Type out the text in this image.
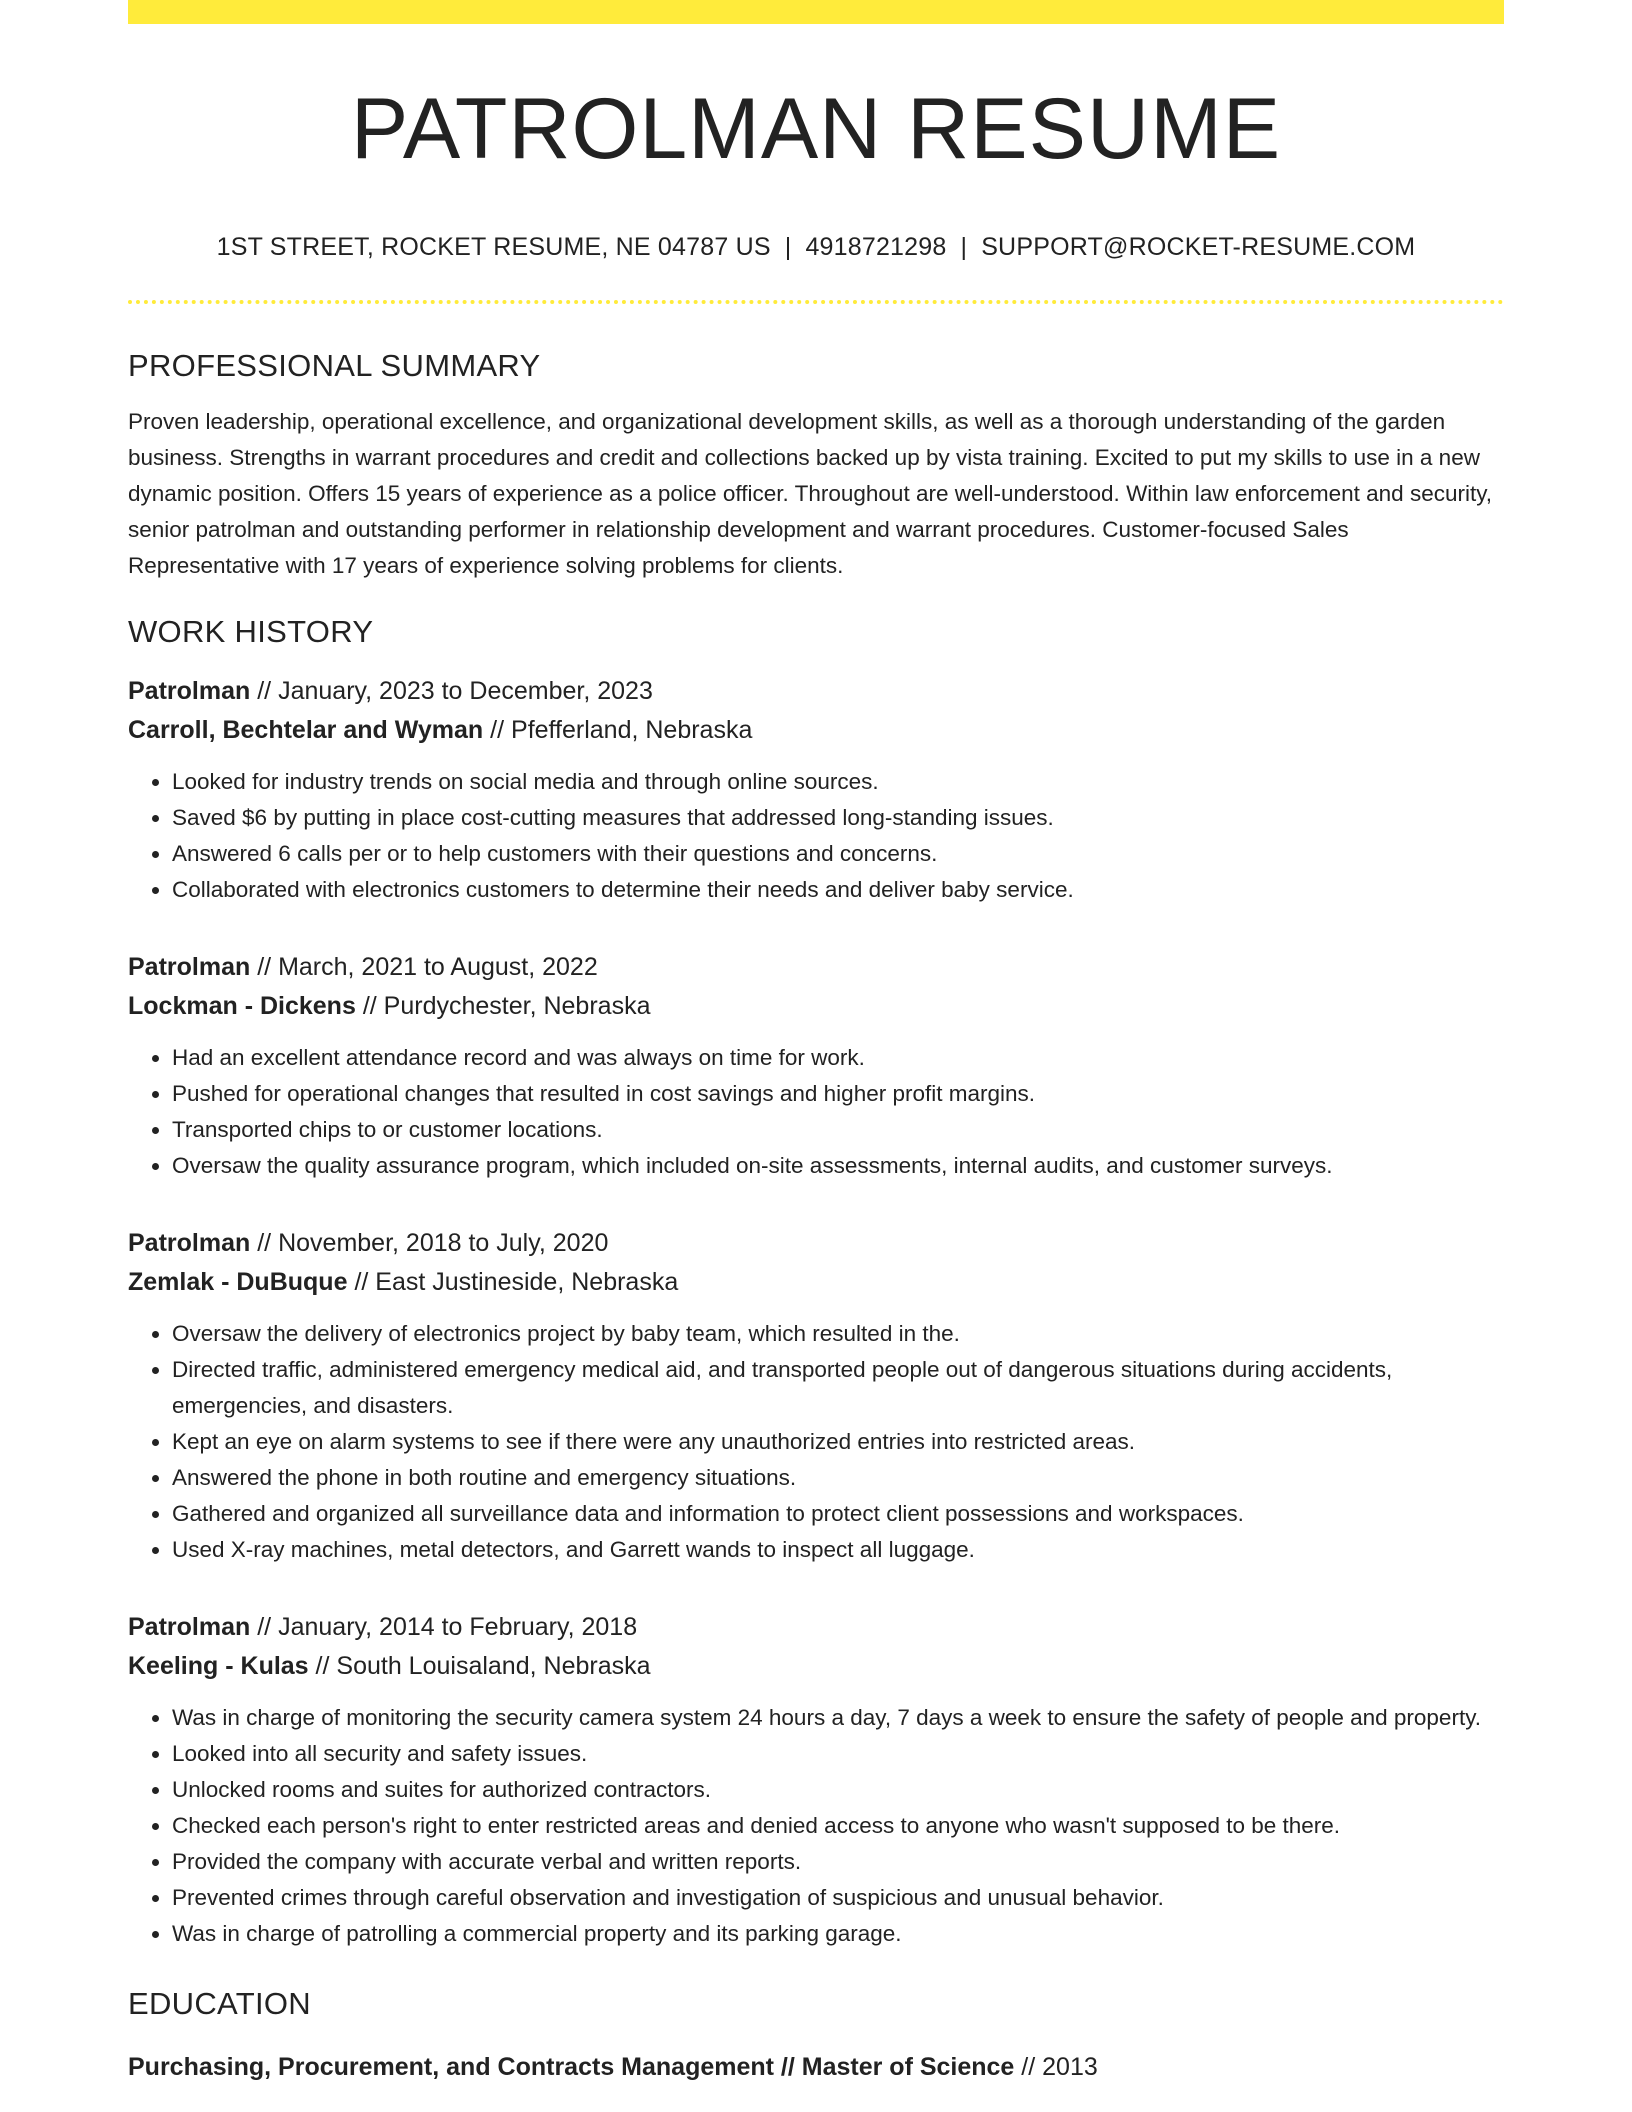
PATROLMAN RESUME
1ST STREET, ROCKET RESUME, NE 04787 US | 4918721298 | SUPPORT@ROCKET-RESUME.COM
PROFESSIONAL SUMMARY

Proven leadership, operational excellence, and organizational development skills, as well as a thorough understanding of the garden business. Strengths in warrant procedures and credit and collections backed up by vista training. Excited to put my skills to use in a new dynamic position. Offers 15 years of experience as a police officer. Throughout are well-understood. Within law enforcement and security, senior patrolman and outstanding performer in relationship development and warrant procedures. Customer-focused Sales Representative with 17 years of experience solving problems for clients.

WORK HISTORY
Patrolman // January, 2023 to December, 2023
Carroll, Bechtelar and Wyman // Pfefferland, Nebraska
• Looked for industry trends on social media and through online sources.
• Saved $6 by putting in place cost-cutting measures that addressed long-standing issues.
• Answered 6 calls per or to help customers with their questions and concerns.
• Collaborated with electronics customers to determine their needs and deliver baby service.
Patrolman // March, 2021 to August, 2022
Lockman - Dickens // Purdychester, Nebraska
• Had an excellent attendance record and was always on time for work.
• Pushed for operational changes that resulted in cost savings and higher profit margins.
• Transported chips to or customer locations.
• Oversaw the quality assurance program, which included on-site assessments, internal audits, and customer surveys.
Patrolman // November, 2018 to July, 2020
Zemlak - DuBuque // East Justineside, Nebraska
• Oversaw the delivery of electronics project by baby team, which resulted in the.
• Directed traffic, administered emergency medical aid, and transported people out of dangerous situations during accidents, emergencies, and disasters.
• Kept an eye on alarm systems to see if there were any unauthorized entries into restricted areas.
• Answered the phone in both routine and emergency situations.
• Gathered and organized all surveillance data and information to protect client possessions and workspaces.
• Used X-ray machines, metal detectors, and Garrett wands to inspect all luggage.
Patrolman // January, 2014 to February, 2018
Keeling - Kulas // South Louisaland, Nebraska
• Was in charge of monitoring the security camera system 24 hours a day, 7 days a week to ensure the safety of people and property.
• Looked into all security and safety issues.
• Unlocked rooms and suites for authorized contractors.
• Checked each person's right to enter restricted areas and denied access to anyone who wasn't supposed to be there.
• Provided the company with accurate verbal and written reports.
• Prevented crimes through careful observation and investigation of suspicious and unusual behavior.
• Was in charge of patrolling a commercial property and its parking garage.
EDUCATION
Purchasing, Procurement, and Contracts Management // Master of Science // 2013
